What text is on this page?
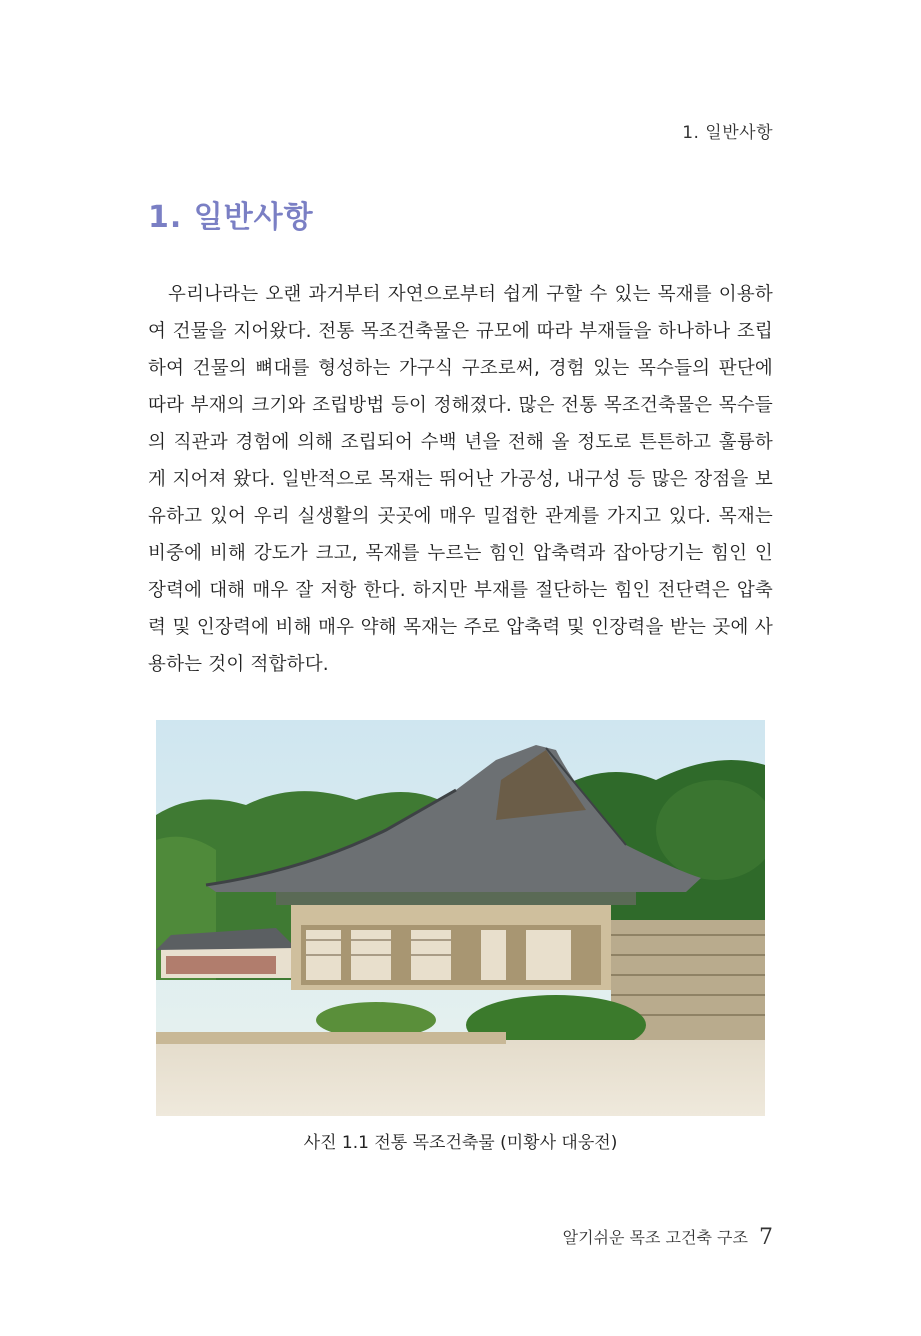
1. 일반사항
1. 일반사항

우리나라는 오랜 과거부터 자연으로부터 쉽게 구할 수 있는 목재를 이용하여 건물을 지어왔다. 전통 목조건축물은 규모에 따라 부재들을 하나하나 조립하여 건물의 뼈대를 형성하는 가구식 구조로써, 경험 있는 목수들의 판단에 따라 부재의 크기와 조립방법 등이 정해졌다. 많은 전통 목조건축물은 목수들의 직관과 경험에 의해 조립되어 수백 년을 전해 올 정도로 튼튼하고 훌륭하게 지어져 왔다. 일반적으로 목재는 뛰어난 가공성, 내구성 등 많은 장점을 보유하고 있어 우리 실생활의 곳곳에 매우 밀접한 관계를 가지고 있다. 목재는 비중에 비해 강도가 크고, 목재를 누르는 힘인 압축력과 잡아당기는 힘인 인장력에 대해 매우 잘 저항 한다. 하지만 부재를 절단하는 힘인 전단력은 압축력 및 인장력에 비해 매우 약해 목재는 주로 압축력 및 인장력을 받는 곳에 사용하는 것이 적합하다.

사진 1.1 전통 목조건축물 (미황사 대웅전)
알기쉬운 목조 고건축 구조 7
